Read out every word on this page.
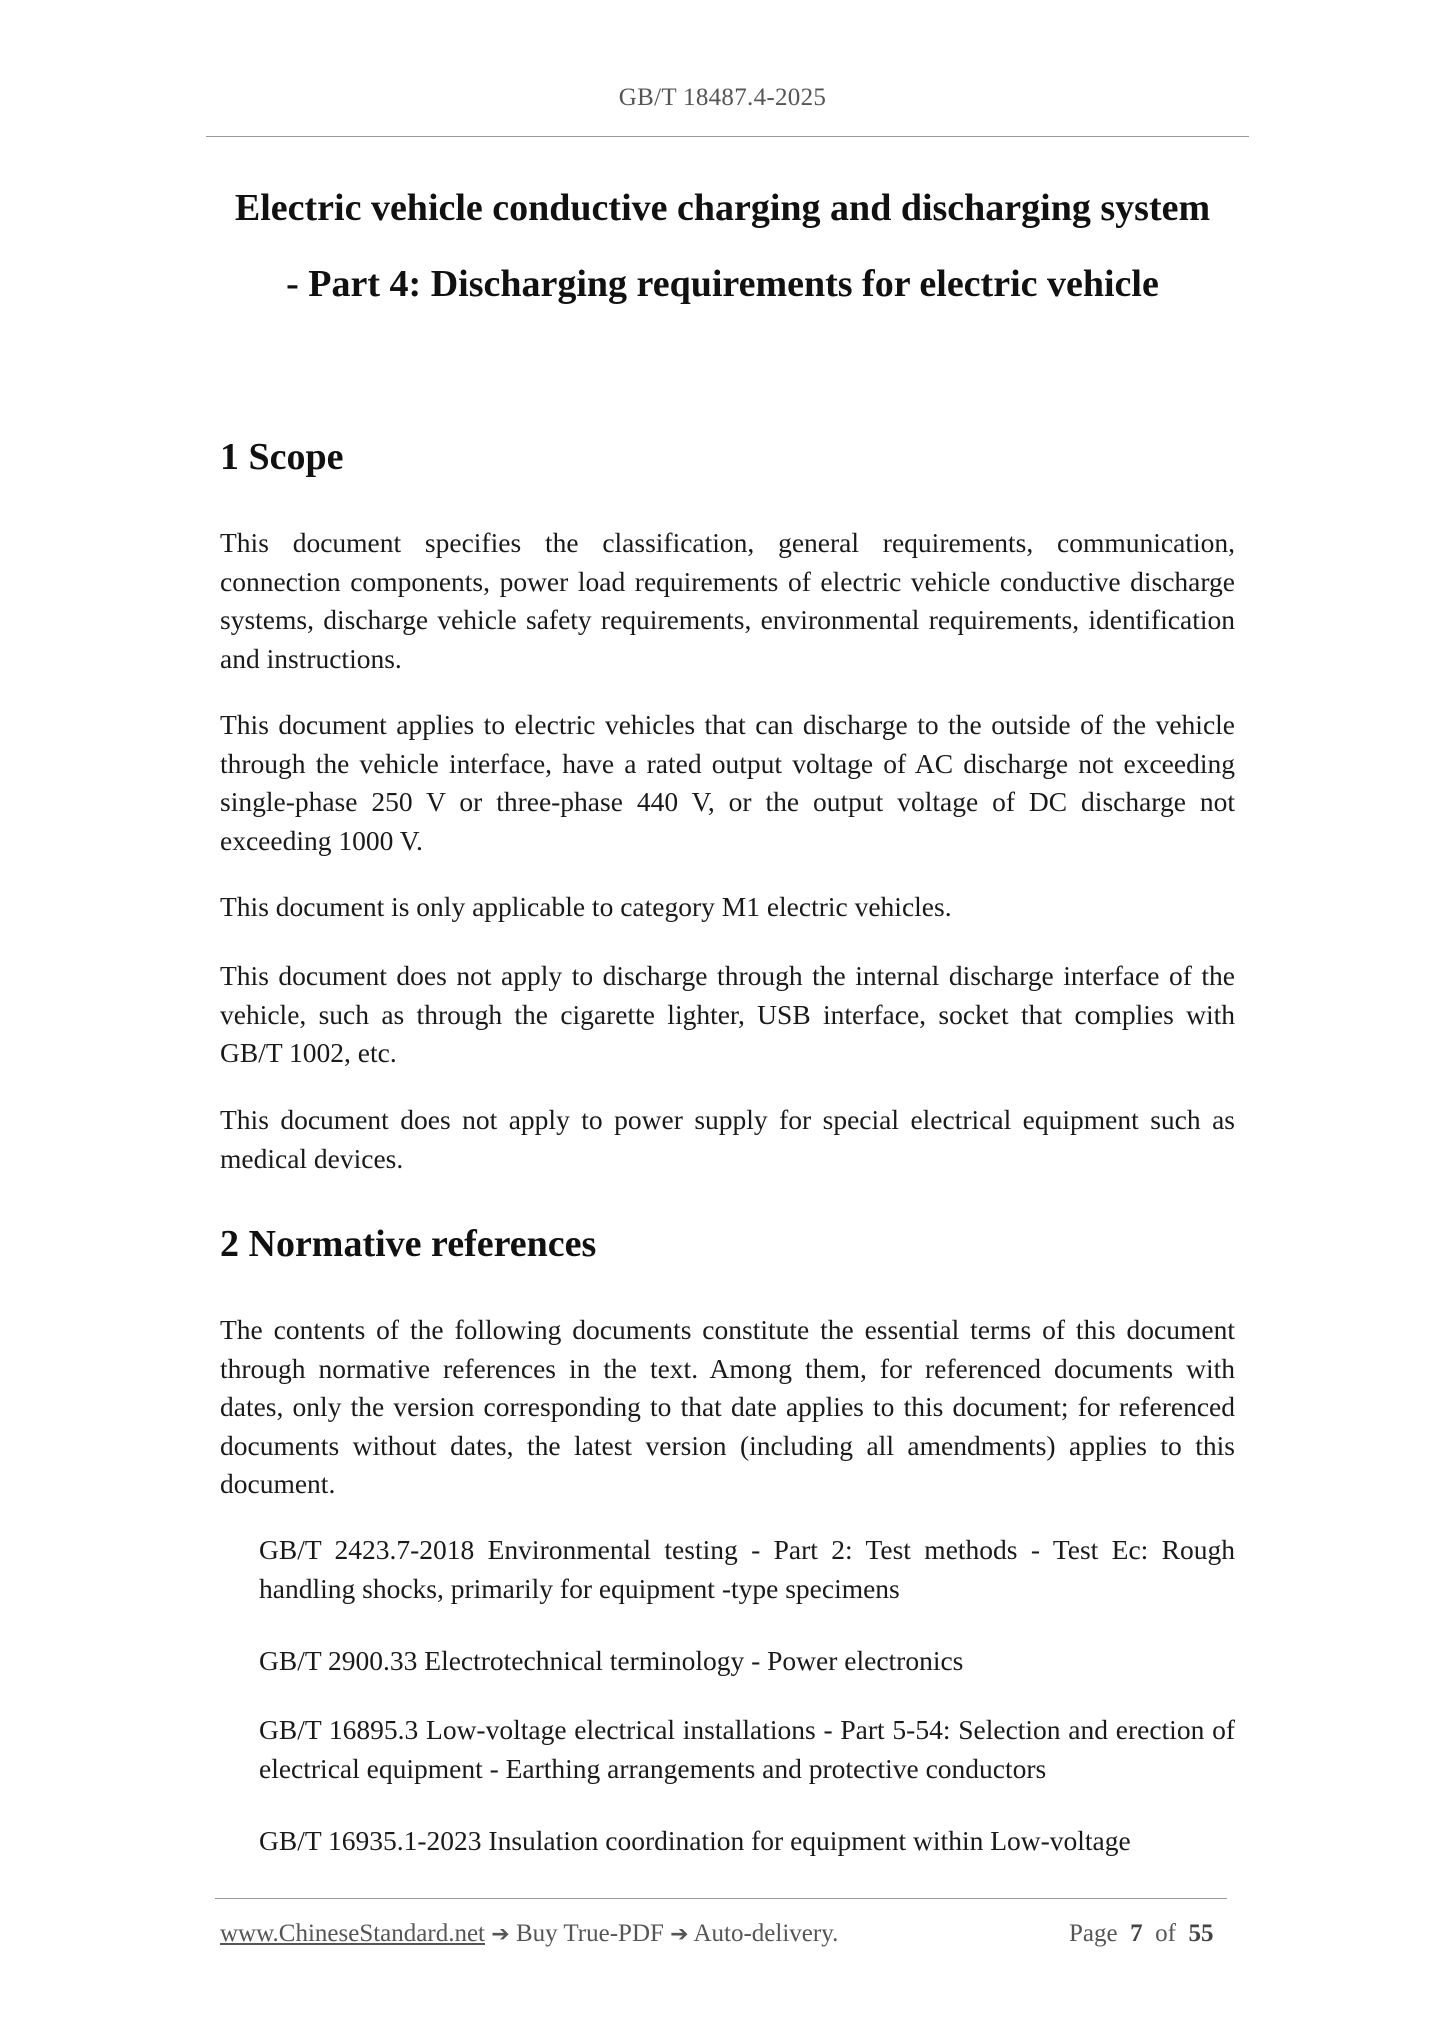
GB/T 18487.4-2025
Electric vehicle conductive charging and discharging system
- Part 4: Discharging requirements for electric vehicle
1 Scope
This document specifies the classification, general requirements, communication, connection components, power load requirements of electric vehicle conductive discharge systems, discharge vehicle safety requirements, environmental requirements, identification and instructions.
This document applies to electric vehicles that can discharge to the outside of the vehicle through the vehicle interface, have a rated output voltage of AC discharge not exceeding single-phase 250 V or three-phase 440 V, or the output voltage of DC discharge not exceeding 1000 V.
This document is only applicable to category M1 electric vehicles.
This document does not apply to discharge through the internal discharge interface of the vehicle, such as through the cigarette lighter, USB interface, socket that complies with GB/T 1002, etc.
This document does not apply to power supply for special electrical equipment such as medical devices.
2 Normative references
The contents of the following documents constitute the essential terms of this document through normative references in the text. Among them, for referenced documents with dates, only the version corresponding to that date applies to this document; for referenced documents without dates, the latest version (including all amendments) applies to this document.
GB/T 2423.7-2018 Environmental testing - Part 2: Test methods - Test Ec: Rough handling shocks, primarily for equipment -type specimens
GB/T 2900.33 Electrotechnical terminology - Power electronics
GB/T 16895.3 Low-voltage electrical installations - Part 5-54: Selection and erection of electrical equipment - Earthing arrangements and protective conductors
GB/T 16935.1-2023 Insulation coordination for equipment within Low-voltage
www.ChineseStandard.net ➔ Buy True-PDF ➔ Auto-delivery.	Page 7 of 55
